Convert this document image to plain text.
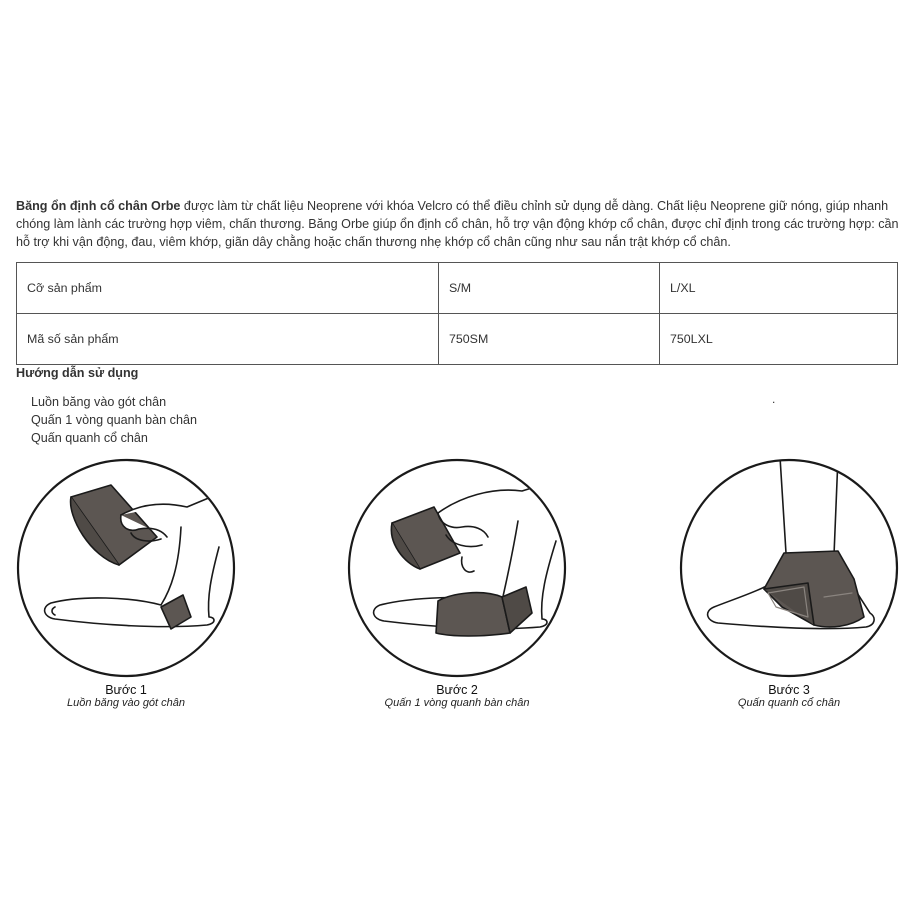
Băng ổn định cổ chân Orbe được làm từ chất liệu Neoprene với khóa Velcro có thể điều chỉnh sử dụng dễ dàng. Chất liệu Neoprene giữ nóng, giúp nhanh chóng làm lành các trường hợp viêm, chấn thương. Băng Orbe giúp ổn định cổ chân, hỗ trợ vận động khớp cổ chân, được chỉ định trong các trường hợp: cần hỗ trợ khi vận động, đau, viêm khớp, giãn dây chằng hoặc chấn thương nhẹ khớp cổ chân cũng như sau nắn trật khớp cổ chân.

Cỡ sản phẩm	S/M	L/XL
Mã số sản phẩm	750SM	750LXL
Hướng dẫn sử dụng
Luồn băng vào gót chân
Quấn 1 vòng quanh bàn chân
Quấn quanh cổ chân
.
Bước 1
Luồn băng vào gót chân
Bước 2
Quấn 1 vòng quanh bàn chân
Bước 3
Quấn quanh cổ chân
